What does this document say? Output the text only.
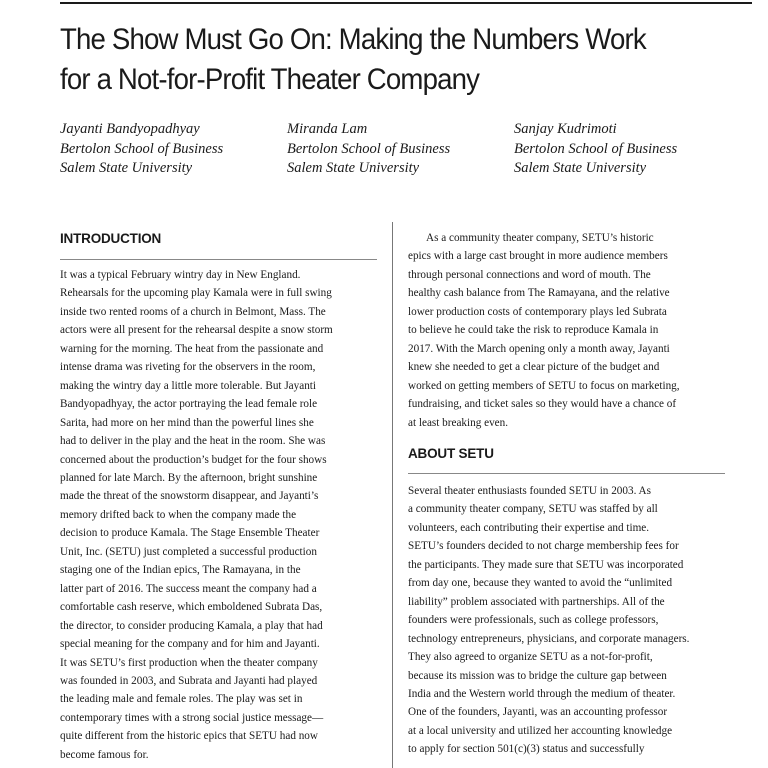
The Show Must Go On: Making the Numbers Work
for a Not-for-Profit Theater Company
Jayanti Bandyopadhyay
Bertolon School of Business
Salem State University
Miranda Lam
Bertolon School of Business
Salem State University
Sanjay Kudrimoti
Bertolon School of Business
Salem State University
INTRODUCTION
It was a typical February wintry day in New England.
Rehearsals for the upcoming play Kamala were in full swing
inside two rented rooms of a church in Belmont, Mass. The
actors were all present for the rehearsal despite a snow storm
warning for the morning. The heat from the passionate and
intense drama was riveting for the observers in the room,
making the wintry day a little more tolerable. But Jayanti
Bandyopadhyay, the actor portraying the lead female role
Sarita, had more on her mind than the powerful lines she
had to deliver in the play and the heat in the room. She was
concerned about the production’s budget for the four shows
planned for late March. By the afternoon, bright sunshine
made the threat of the snowstorm disappear, and Jayanti’s
memory drifted back to when the company made the
decision to produce Kamala. The Stage Ensemble Theater
Unit, Inc. (SETU) just completed a successful production
staging one of the Indian epics, The Ramayana, in the
latter part of 2016. The success meant the company had a
comfortable cash reserve, which emboldened Subrata Das,
the director, to consider producing Kamala, a play that had
special meaning for the company and for him and Jayanti.
It was SETU’s first production when the theater company
was founded in 2003, and Subrata and Jayanti had played
the leading male and female roles. The play was set in
contemporary times with a strong social justice message—
quite different from the historic epics that SETU had now
become famous for.
As a community theater company, SETU’s historic
epics with a large cast brought in more audience members
through personal connections and word of mouth. The
healthy cash balance from The Ramayana, and the relative
lower production costs of contemporary plays led Subrata
to believe he could take the risk to reproduce Kamala in
2017. With the March opening only a month away, Jayanti
knew she needed to get a clear picture of the budget and
worked on getting members of SETU to focus on marketing,
fundraising, and ticket sales so they would have a chance of
at least breaking even.
ABOUT SETU
Several theater enthusiasts founded SETU in 2003. As
a community theater company, SETU was staffed by all
volunteers, each contributing their expertise and time.
SETU’s founders decided to not charge membership fees for
the participants. They made sure that SETU was incorporated
from day one, because they wanted to avoid the “unlimited
liability” problem associated with partnerships. All of the
founders were professionals, such as college professors,
technology entrepreneurs, physicians, and corporate managers.
They also agreed to organize SETU as a not-for-profit,
because its mission was to bridge the culture gap between
India and the Western world through the medium of theater.
One of the founders, Jayanti, was an accounting professor
at a local university and utilized her accounting knowledge
to apply for section 501(c)(3) status and successfully
